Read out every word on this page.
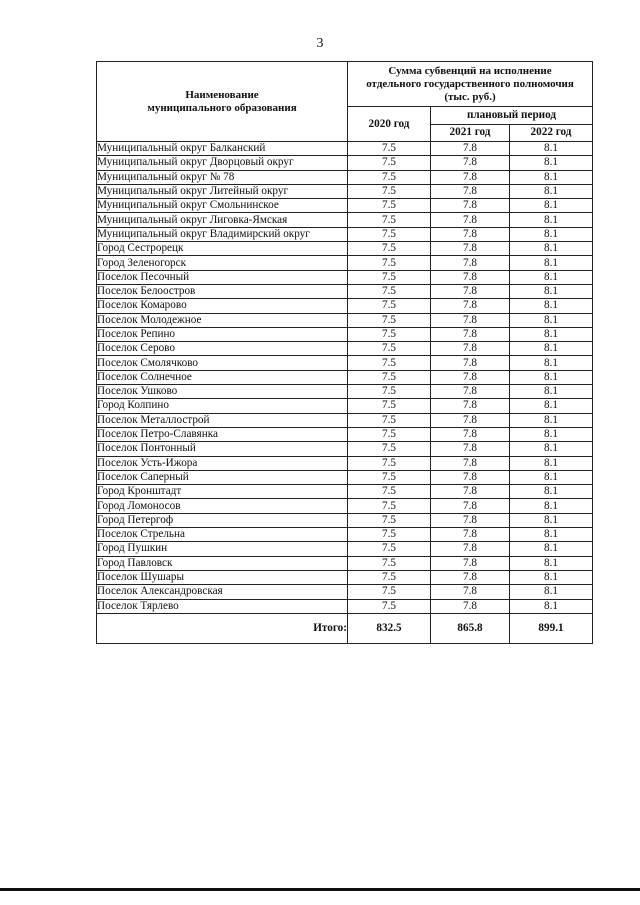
3
Наименование
муниципального образования	Сумма субвенций на исполнение
отдельного государственного полномочия
(тыс. руб.)		
	2020 год	плановый период	
		2021 год	2022 год
Муниципальный округ Балканский	7.5	7.8	8.1
Муниципальный округ Дворцовый округ	7.5	7.8	8.1
Муниципальный округ № 78	7.5	7.8	8.1
Муниципальный округ Литейный округ	7.5	7.8	8.1
Муниципальный округ Смольнинское	7.5	7.8	8.1
Муниципальный округ Лиговка-Ямская	7.5	7.8	8.1
Муниципальный округ Владимирский округ	7.5	7.8	8.1
Город Сестрорецк	7.5	7.8	8.1
Город Зеленогорск	7.5	7.8	8.1
Поселок Песочный	7.5	7.8	8.1
Поселок Белоостров	7.5	7.8	8.1
Поселок Комарово	7.5	7.8	8.1
Поселок Молодежное	7.5	7.8	8.1
Поселок Репино	7.5	7.8	8.1
Поселок Серово	7.5	7.8	8.1
Поселок Смолячково	7.5	7.8	8.1
Поселок Солнечное	7.5	7.8	8.1
Поселок Ушково	7.5	7.8	8.1
Город Колпино	7.5	7.8	8.1
Поселок Металлострой	7.5	7.8	8.1
Поселок Петро-Славянка	7.5	7.8	8.1
Поселок Понтонный	7.5	7.8	8.1
Поселок Усть-Ижора	7.5	7.8	8.1
Поселок Саперный	7.5	7.8	8.1
Город Кронштадт	7.5	7.8	8.1
Город Ломоносов	7.5	7.8	8.1
Город Петергоф	7.5	7.8	8.1
Поселок Стрельна	7.5	7.8	8.1
Город Пушкин	7.5	7.8	8.1
Город Павловск	7.5	7.8	8.1
Поселок Шушары	7.5	7.8	8.1
Поселок Александровская	7.5	7.8	8.1
Поселок Тярлево	7.5	7.8	8.1
Итого:	832.5	865.8	899.1
